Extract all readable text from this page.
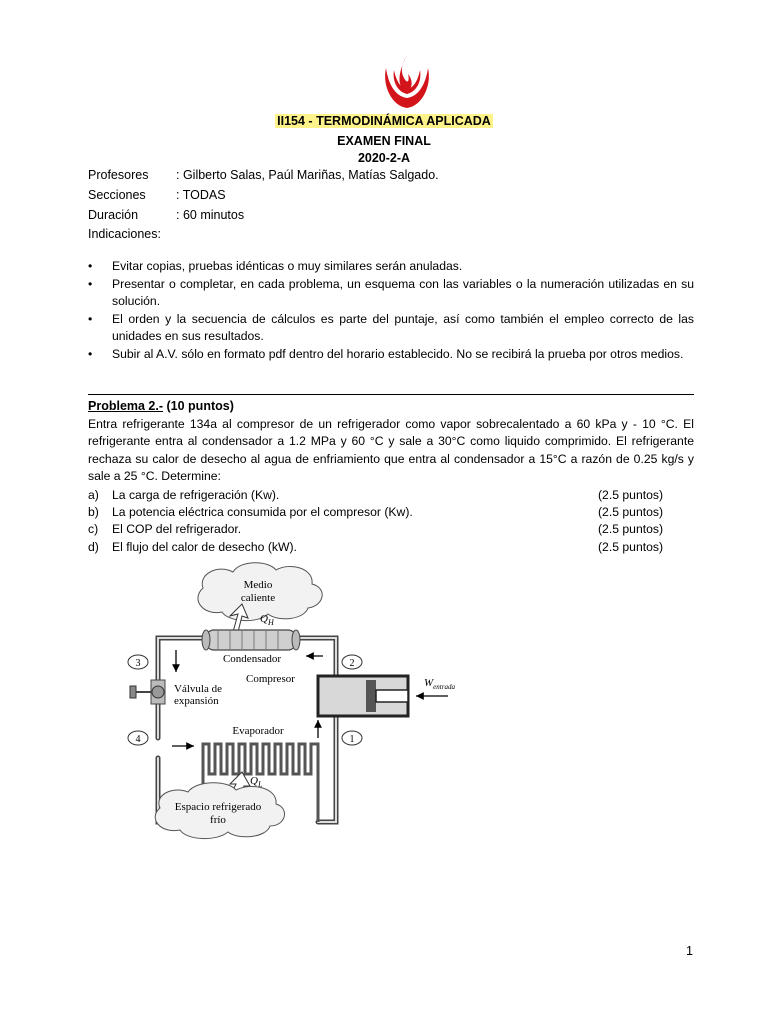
II154 - TERMODINÁMICA APLICADA
EXAMEN FINAL
2020-2-A
Profesores : Gilberto Salas, Paúl Mariñas, Matías Salgado.
Secciones : TODAS
Duración	: 60 minutos
Indicaciones:
• Evitar copias, pruebas idénticas o muy similares serán anuladas.
• Presentar o completar, en cada problema, un esquema con las variables o la numeración utilizadas en su solución.
• El orden y la secuencia de cálculos es parte del puntaje, así como también el empleo correcto de las unidades en sus resultados.
• Subir al A.V. sólo en formato pdf dentro del horario establecido. No se recibirá la prueba por otros medios.
Problema 2.- (10 puntos)
Entra refrigerante 134a al compresor de un refrigerador como vapor sobrecalentado a 60 kPa y - 10 °C. El refrigerante entra al condensador a 1.2 MPa y 60 °C y sale a 30°C como liquido comprimido. El refrigerante rechaza su calor de desecho al agua de enfriamiento que entra al condensador a 15°C a razón de 0.25 kg/s y sale a 25 °C. Determine:
a) La carga de refrigeración (Kw).	(2.5 puntos)
b) La potencia eléctrica consumida por el compresor (Kw).	(2.5 puntos)
c) El COP del refrigerador.	(2.5 puntos)
d) El flujo del calor de desecho (kW).	(2.5 puntos)
Medio
caliente
$Q_H$
Condensador
3	2
4	1
Válvula de
expansión
Compresor	$W_{entrada}$
Evaporador
$Q_L$
Espacio refrigerado
frío
1
